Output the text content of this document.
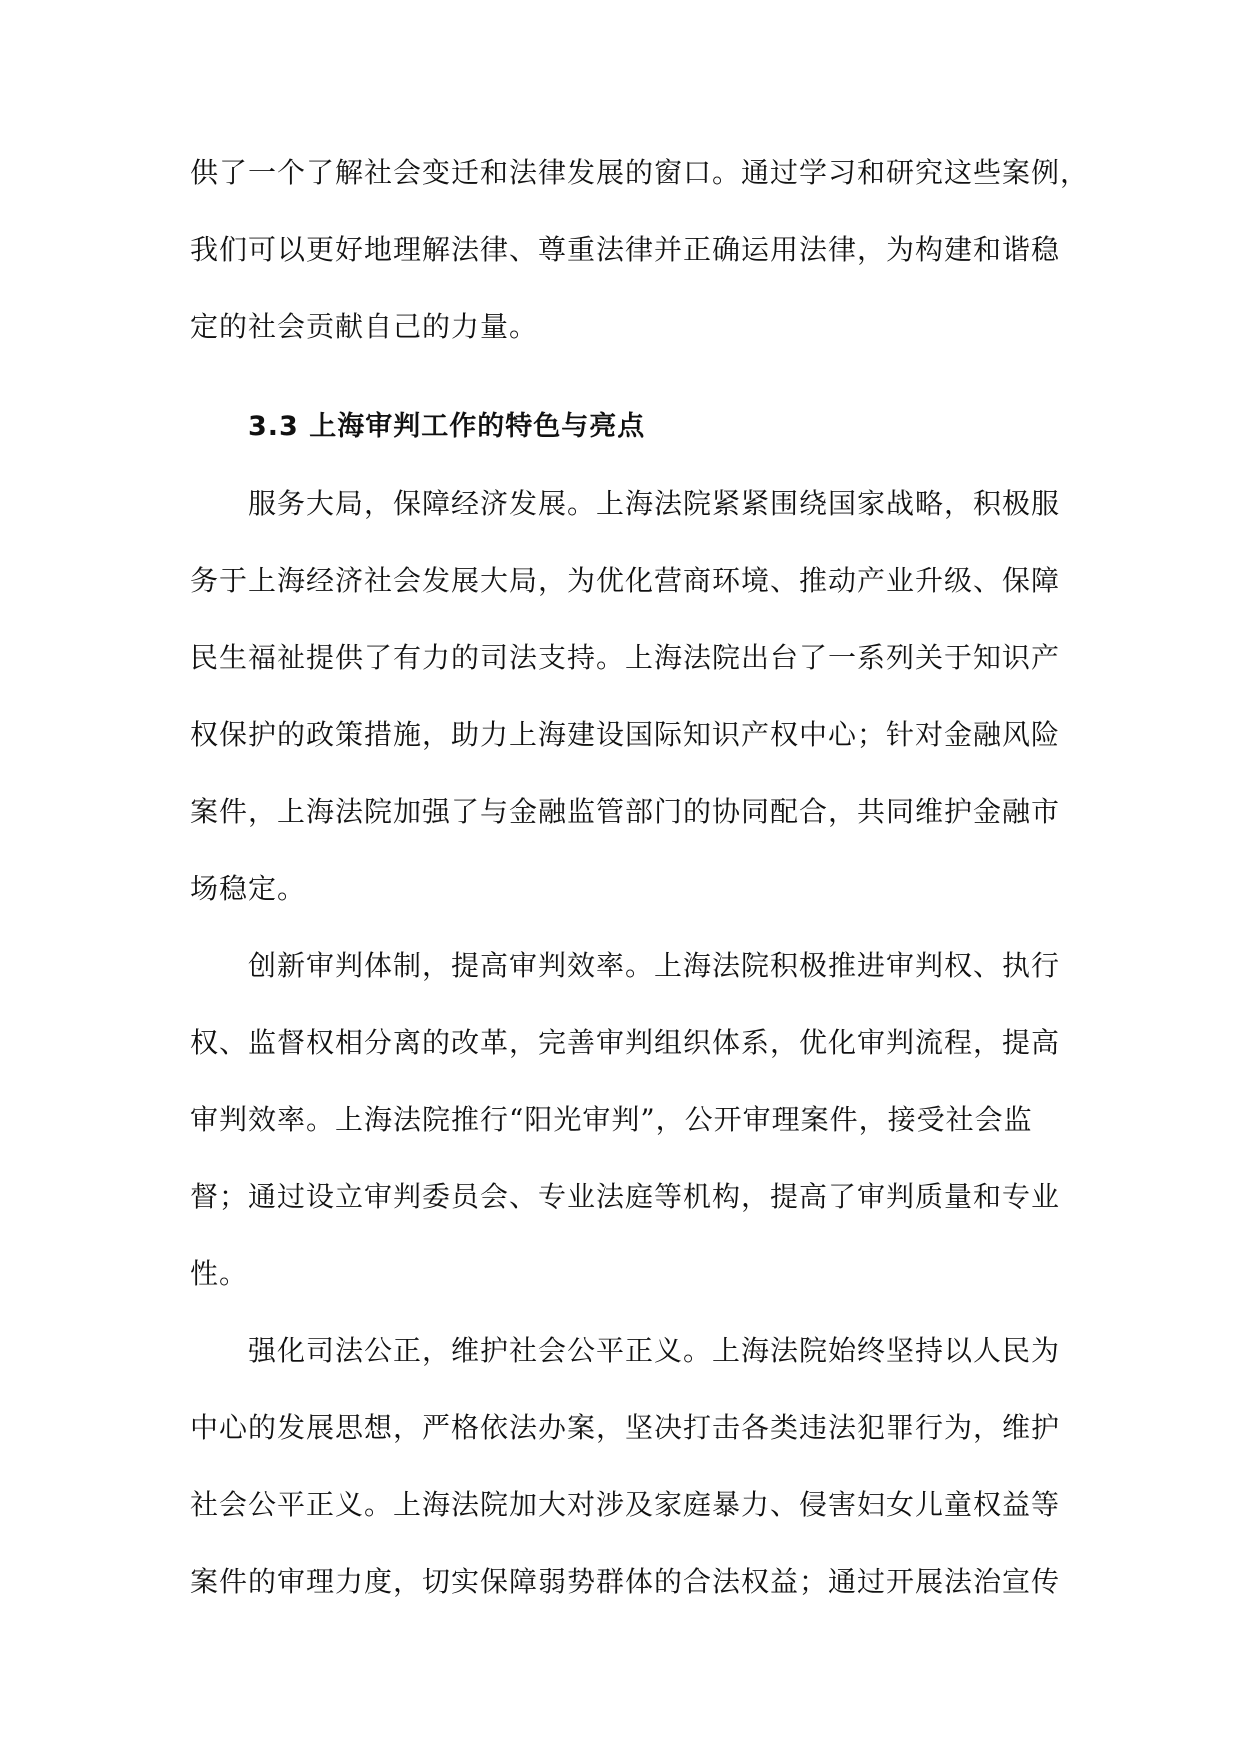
供了一个了解社会变迁和法律发展的窗口。通过学习和研究这些案例，
我们可以更好地理解法律、尊重法律并正确运用法律，为构建和谐稳
定的社会贡献自己的力量。
3.3 上海审判工作的特色与亮点
服务大局，保障经济发展。上海法院紧紧围绕国家战略，积极服
务于上海经济社会发展大局，为优化营商环境、推动产业升级、保障
民生福祉提供了有力的司法支持。上海法院出台了一系列关于知识产
权保护的政策措施，助力上海建设国际知识产权中心；针对金融风险
案件，上海法院加强了与金融监管部门的协同配合，共同维护金融市
场稳定。
创新审判体制，提高审判效率。上海法院积极推进审判权、执行
权、监督权相分离的改革，完善审判组织体系，优化审判流程，提高
审判效率。上海法院推行“阳光审判”，公开审理案件，接受社会监
督；通过设立审判委员会、专业法庭等机构，提高了审判质量和专业
性。
强化司法公正，维护社会公平正义。上海法院始终坚持以人民为
中心的发展思想，严格依法办案，坚决打击各类违法犯罪行为，维护
社会公平正义。上海法院加大对涉及家庭暴力、侵害妇女儿童权益等
案件的审理力度，切实保障弱势群体的合法权益；通过开展法治宣传
